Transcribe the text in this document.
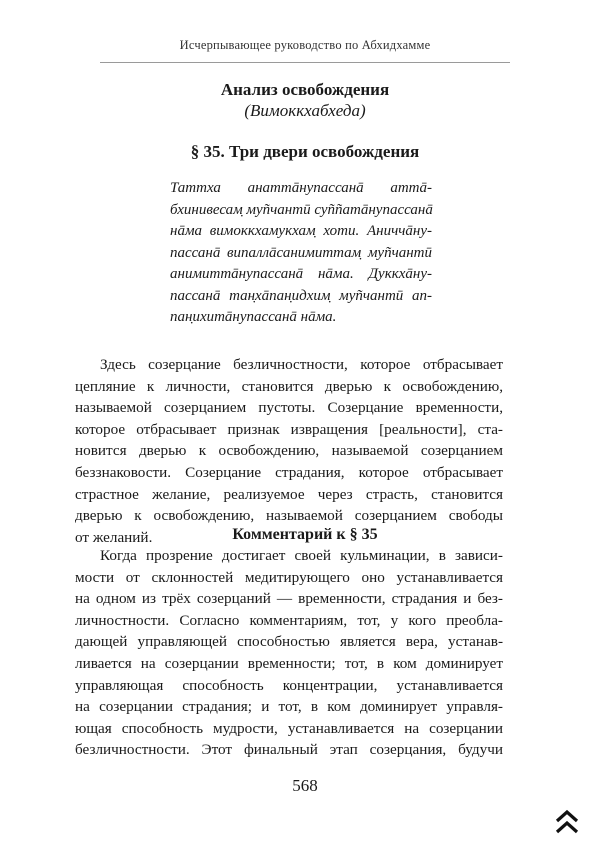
Исчерпывающее руководство по Абхидхамме
Анализ освобождения
(Вимоккхабхеда)
§ 35. Три двери освобождения
Таттха анаттāнупассанā аттā-
бхинивесам̣ муñчантӣ суññатāнупассанā
нāма вимоккхамукхам̣ хоти. Аниччāну-
пассанā випаллāсанимиттам̣ муñчантӣ
анимиттāнупассанā нāма. Дуккхāну-
пассанā тан̣хāпан̣идхим̣ муñчантӣ ап-
пан̣ихитāнупассанā нāма.
Здесь созерцание безличностности, которое отбрасывает
цепляние к личности, становится дверью к освобождению,
называемой созерцанием пустоты. Созерцание временности,
которое отбрасывает признак извращения [реальности], ста-
новится дверью к освобождению, называемой созерцанием
беззнаковости. Созерцание страдания, которое отбрасывает
страстное желание, реализуемое через страсть, становится
дверью к освобождению, называемой созерцанием свободы
от желаний.	Комментарий к § 35
Когда прозрение достигает своей кульминации, в зависи-
мости от склонностей медитирующего оно устанавливается
на одном из трёх созерцаний — временности, страдания и без-
личностности. Согласно комментариям, тот, у кого преобла-
дающей управляющей способностью является вера, устанав-
ливается на созерцании временности; тот, в ком доминирует
управляющая способность концентрации, устанавливается
на созерцании страдания; и тот, в ком доминирует управля-
ющая способность мудрости, устанавливается на созерцании
безличностности. Этот финальный этап созерцания, будучи
568
